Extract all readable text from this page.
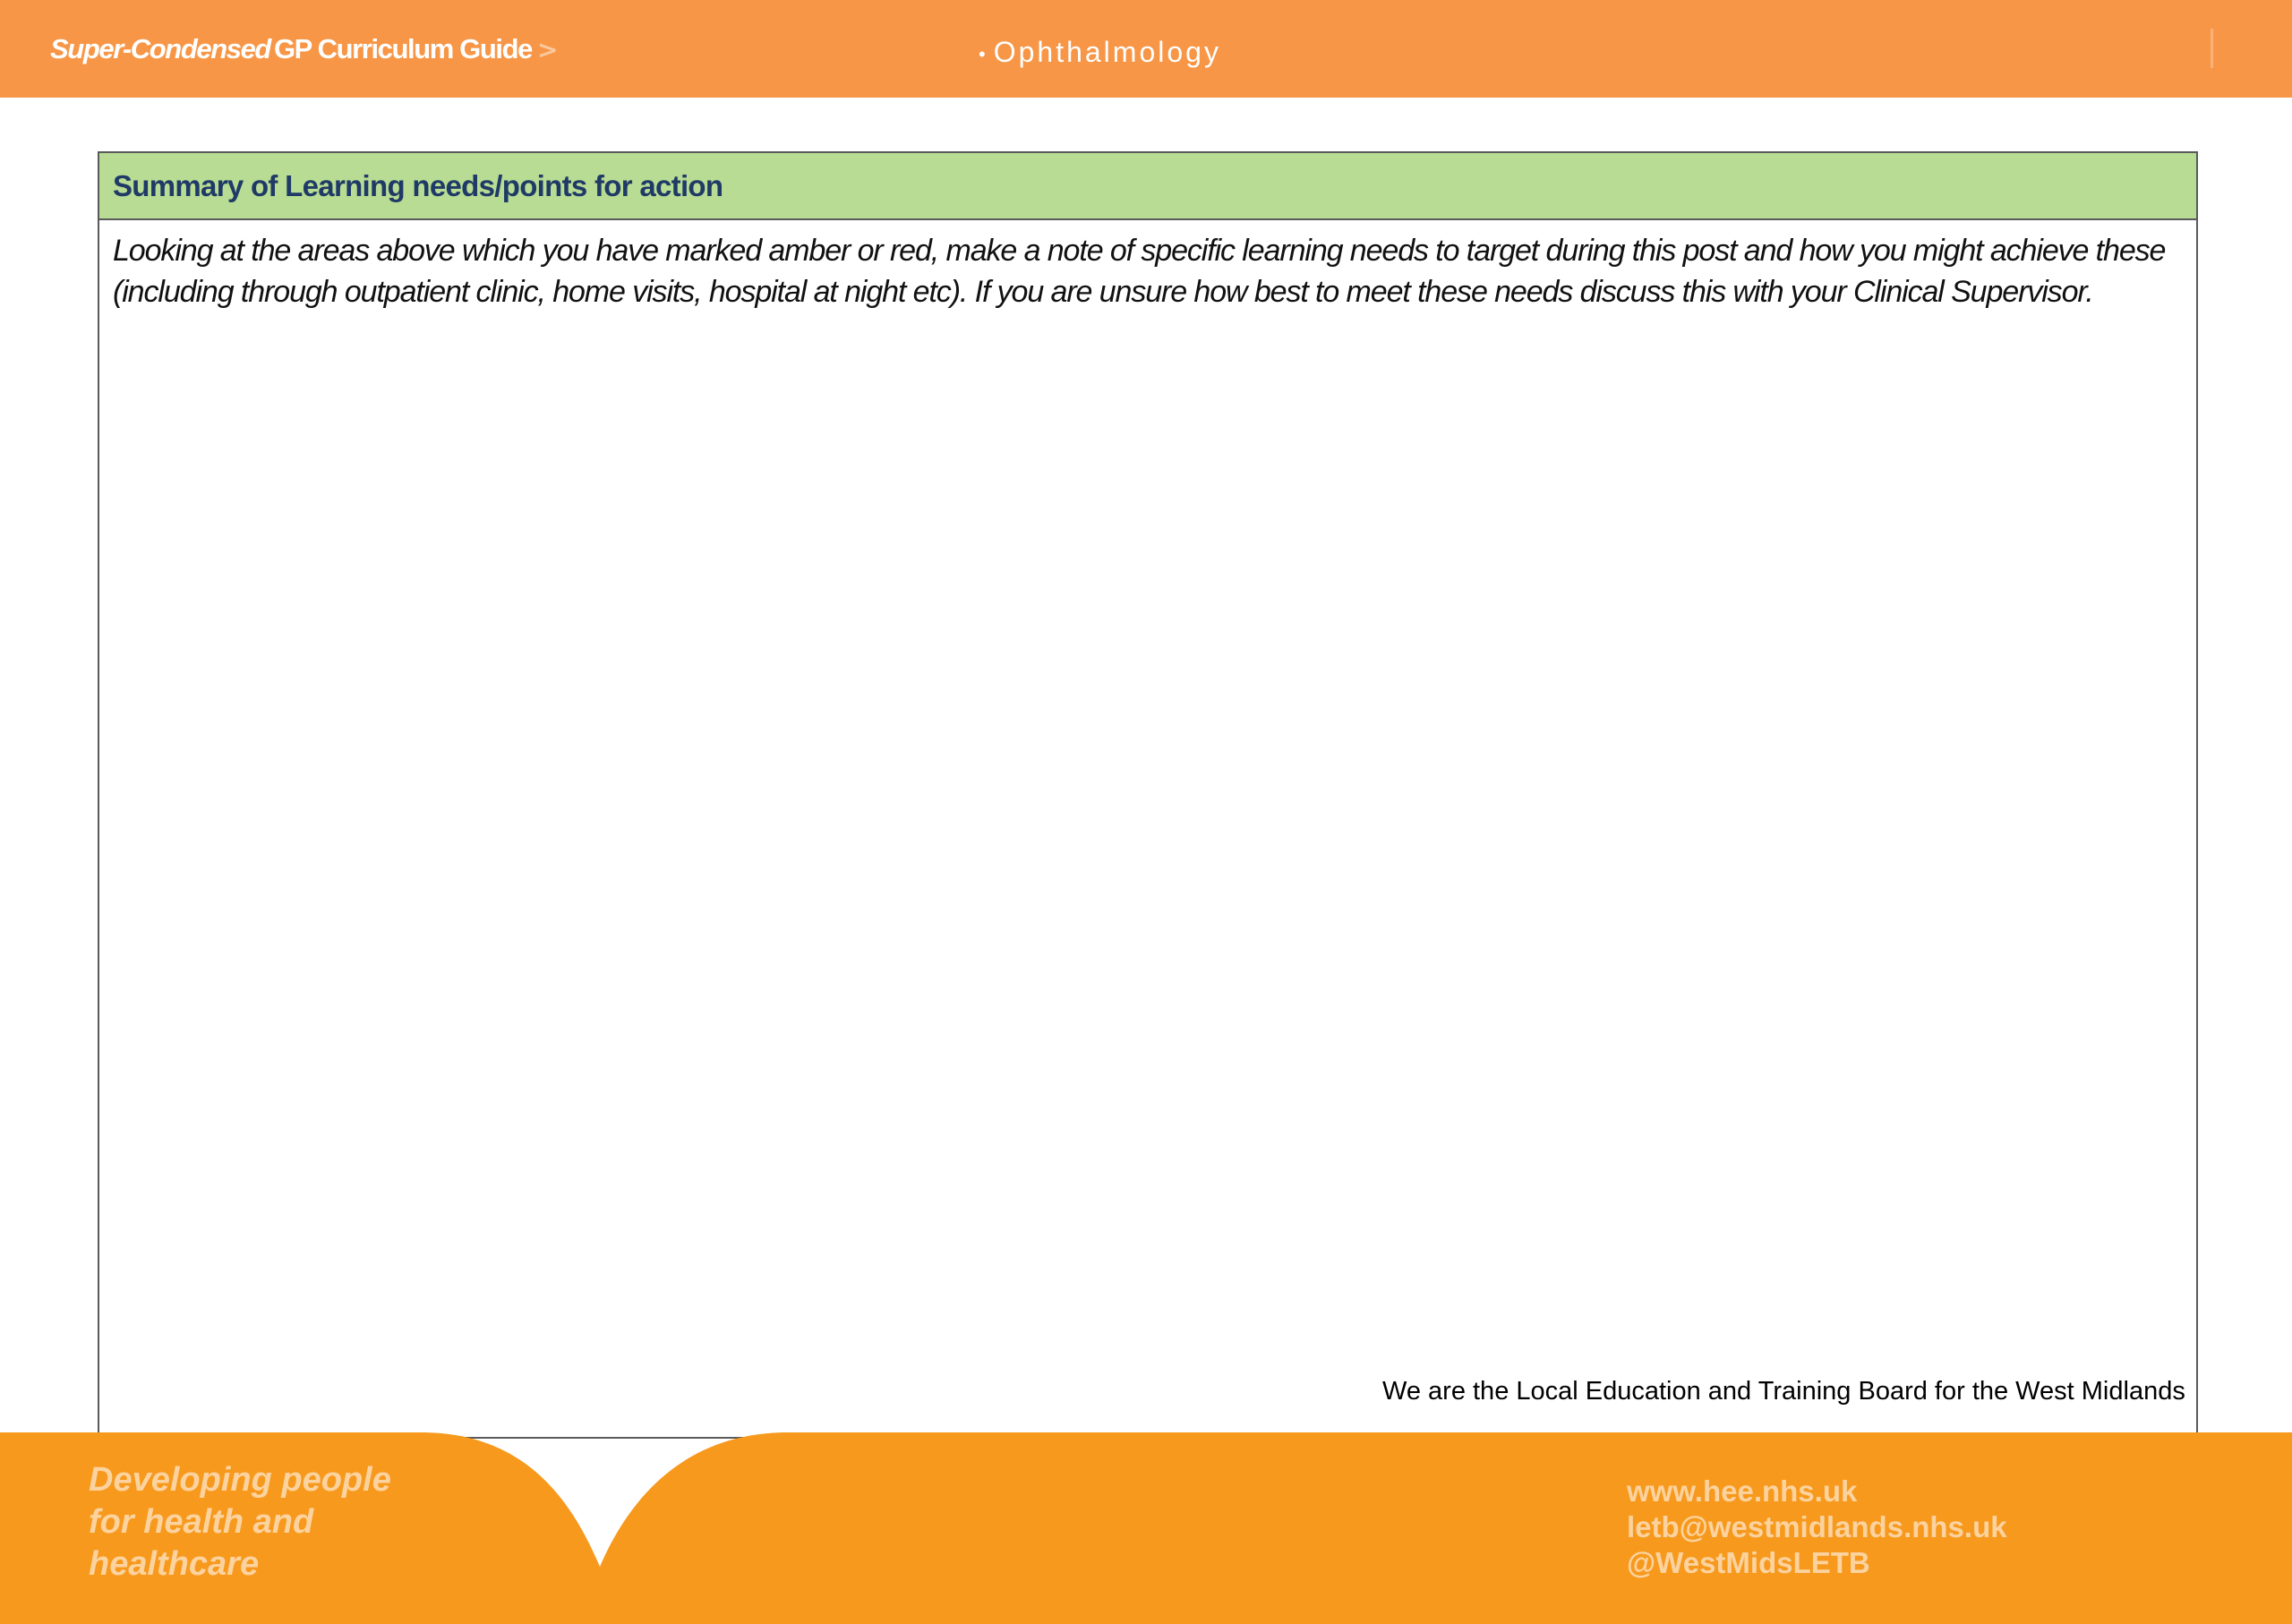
Super-Condensed GP Curriculum Guide >	• Ophthalmology
Summary of Learning needs/points for action

Looking at the areas above which you have marked amber or red, make a note of specific learning needs to target during this post and how you might achieve these (including through outpatient clinic, home visits, hospital at night etc). If you are unsure how best to meet these needs discuss this with your Clinical Supervisor.

We are the Local Education and Training Board for the West Midlands
Developing people
for health and
healthcare
www.hee.nhs.uk
letb@westmidlands.nhs.uk
@WestMidsLETB
